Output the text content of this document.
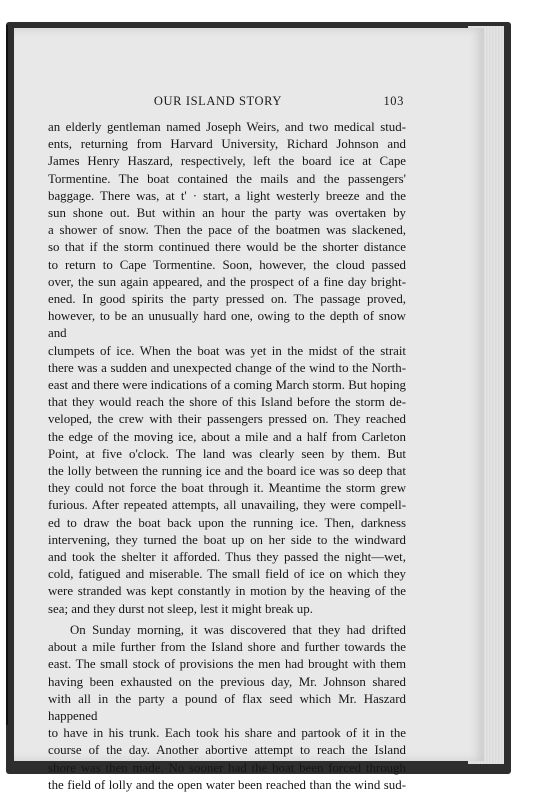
OUR ISLAND STORY	103

an elderly gentleman named Joseph Weirs, and two medical stud-

ents, returning from Harvard University, Richard Johnson and

James Henry Haszard, respectively, left the board ice at Cape

Tormentine. The boat contained the mails and the passengers'

baggage. There was, at t' · start, a light westerly breeze and the

sun shone out. But within an hour the party was overtaken by

a shower of snow. Then the pace of the boatmen was slackened,

so that if the storm continued there would be the shorter distance

to return to Cape Tormentine. Soon, however, the cloud passed

over, the sun again appeared, and the prospect of a fine day bright-

ened. In good spirits the party pressed on. The passage proved,

however, to be an unusually hard one, owing to the depth of snow and

clumpets of ice. When the boat was yet in the midst of the strait

there was a sudden and unexpected change of the wind to the North-

east and there were indications of a coming March storm. But hoping

that they would reach the shore of this Island before the storm de-

veloped, the crew with their passengers pressed on. They reached

the edge of the moving ice, about a mile and a half from Carleton

Point, at five o'clock. The land was clearly seen by them. But

the lolly between the running ice and the board ice was so deep that

they could not force the boat through it. Meantime the storm grew

furious. After repeated attempts, all unavailing, they were compell-

ed to draw the boat back upon the running ice. Then, darkness

intervening, they turned the boat up on her side to the windward

and took the shelter it afforded. Thus they passed the night—wet,

cold, fatigued and miserable. The small field of ice on which they

were stranded was kept constantly in motion by the heaving of the

sea; and they durst not sleep, lest it might break up.

On Sunday morning, it was discovered that they had drifted

about a mile further from the Island shore and further towards the

east. The small stock of provisions the men had brought with them

having been exhausted on the previous day, Mr. Johnson shared

with all in the party a pound of flax seed which Mr. Haszard happened

to have in his trunk. Each took his share and partook of it in the

course of the day. Another abortive attempt to reach the Island

shore was then made. No sooner had the boat been forced through

the field of lolly and the open water been reached than the wind sud-
